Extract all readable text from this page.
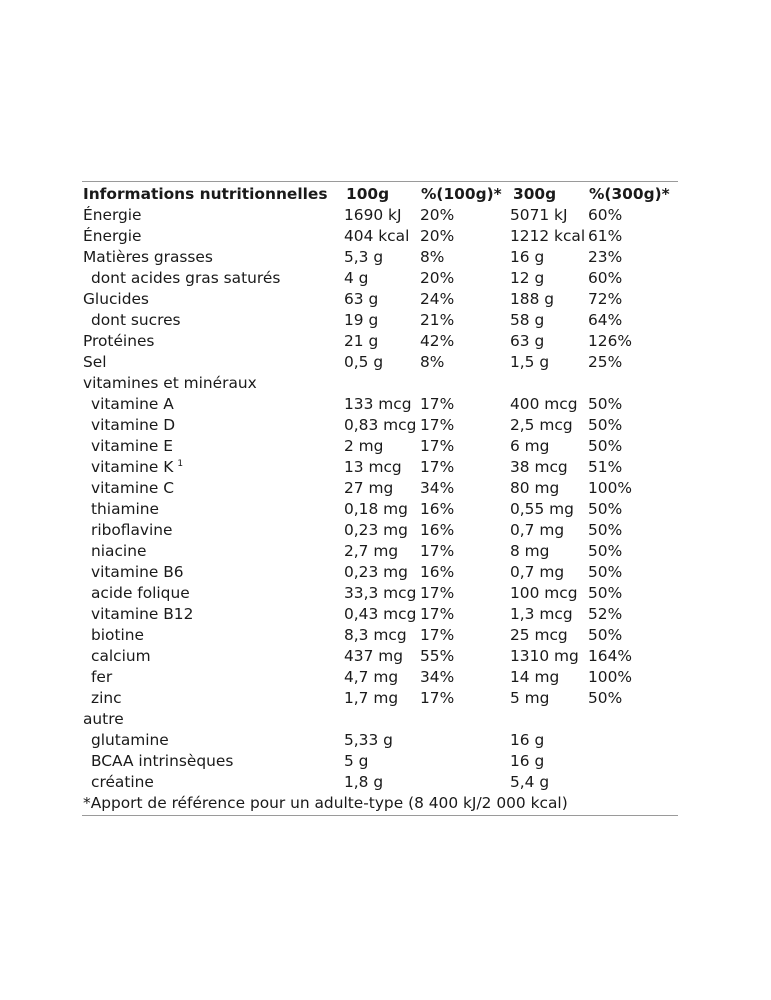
Informations nutritionnelles 100g %(100g)* 300g %(300g)*
Énergie	1690 kJ 20%	5071 kJ 60%
Énergie	404 kcal 20%	1212 kcal 61%
Matières grasses	5,3 g 8%	16 g	23%
dont acides gras saturés	4 g	20%	12 g	60%
Glucides	63 g	24%	188 g 72%
dont sucres	19 g	21%	58 g	64%
Protéines	21 g	42%	63 g	126%
Sel	0,5 g 8%	1,5 g	25%
vitamines et minéraux
vitamine A	133 mcg 17%	400 mcg 50%
vitamine D	0,83 mcg 17%	2,5 mcg 50%
vitamine E	2 mg 17%	6 mg	50%
vitamine K $^1$	13 mcg 17%	38 mcg 51%
vitamine C	27 mg 34%	80 mg 100%
thiamine	0,18 mg 16%	0,55 mg 50%
riboflavine	0,23 mg 16%	0,7 mg 50%
niacine	2,7 mg 17%	8 mg	50%
vitamine B6	0,23 mg 16%	0,7 mg 50%
acide folique	33,3 mcg 17%	100 mcg 50%
vitamine B12	0,43 mcg 17%	1,3 mcg 52%
biotine	8,3 mcg 17%	25 mcg 50%
calcium	437 mg 55%	1310 mg 164%
fer	4,7 mg 34%	14 mg 100%
zinc	1,7 mg 17%	5 mg	50%
autre
glutamine	5,33 g	16 g
BCAA intrinsèques	5 g	16 g
créatine	1,8 g	5,4 g
*Apport de référence pour un adulte-type (8 400 kJ/2 000 kcal)
